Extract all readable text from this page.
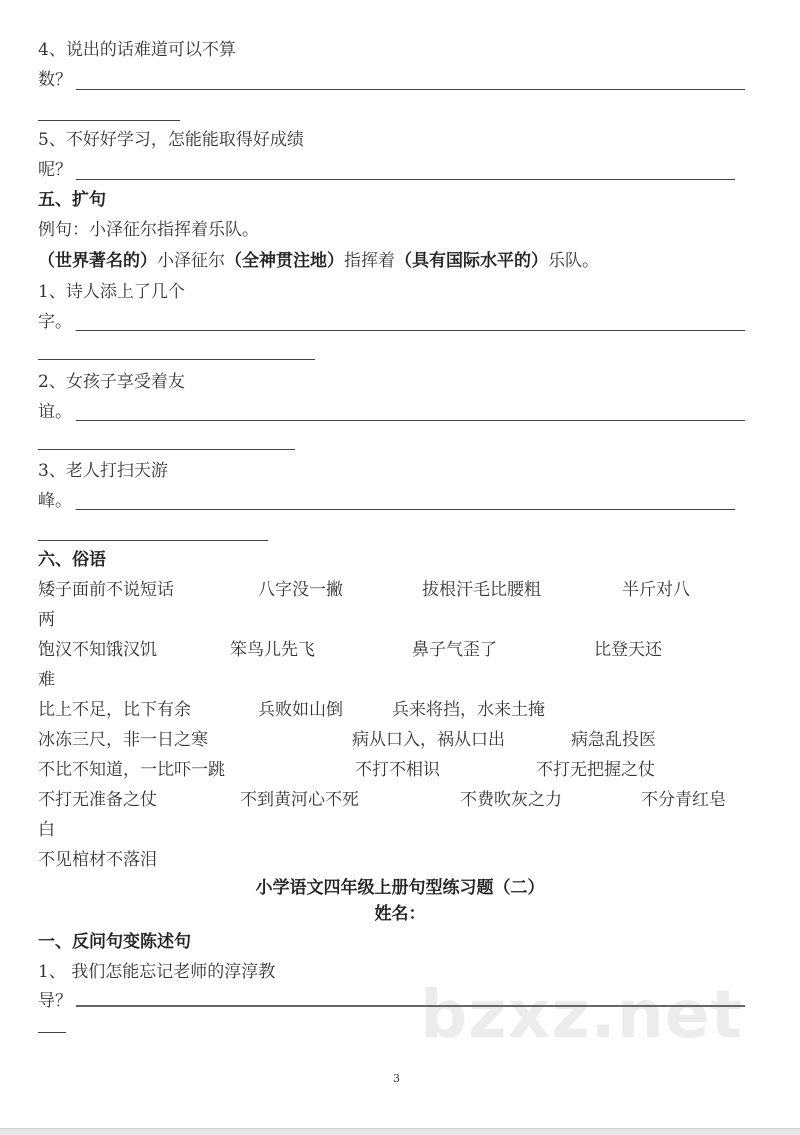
4、说出的话难道可以不算
数？
5、不好好学习，怎能能取得好成绩
呢？
五、扩句
例句：小泽征尔指挥着乐队。
（世界著名的）小泽征尔（全神贯注地）指挥着（具有国际水平的）乐队。
1、诗人添上了几个
字。
2、女孩子享受着友
谊。
3、老人打扫天游
峰。
六、俗语
矮子面前不说短话	八字没一撇	拔根汗毛比腰粗	半斤对八
两
饱汉不知饿汉饥	笨鸟儿先飞	鼻子气歪了	比登天还
难
比上不足，比下有余	兵败如山倒	兵来将挡，水来土掩
冰冻三尺，非一日之寒	病从口入，祸从口出	病急乱投医
不比不知道，一比吓一跳	不打不相识	不打无把握之仗
不打无准备之仗	不到黄河心不死	不费吹灰之力	不分青红皂
白
不见棺材不落泪
小学语文四年级上册句型练习题（二）
姓名：
一、反问句变陈述句
1、 我们怎能忘记老师的淳淳教
导？	bzxz.net
3
